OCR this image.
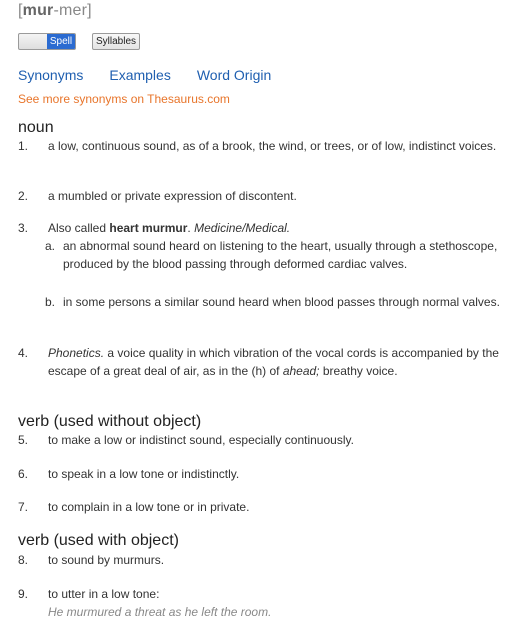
[mur-mer]
Spell	Syllables
Synonyms Examples Word Origin
See more synonyms on Thesaurus.com
noun
1.	a low, continuous sound, as of a brook, the wind, or trees, or of low, indistinct voices.
2.	a mumbled or private expression of discontent.
3.	Also called heart murmur. Medicine/Medical.
a. an abnormal sound heard on listening to the heart, usually through a stethoscope, produced by the blood passing through deformed cardiac valves.
b. in some persons a similar sound heard when blood passes through normal valves.
4.	Phonetics. a voice quality in which vibration of the vocal cords is accompanied by the escape of a great deal of air, as in the (h) of ahead; breathy voice.
verb (used without object)
5.	to make a low or indistinct sound, especially continuously.
6.	to speak in a low tone or indistinctly.
7.	to complain in a low tone or in private.
verb (used with object)
8.	to sound by murmurs.
9.	to utter in a low tone:
He murmured a threat as he left the room.
